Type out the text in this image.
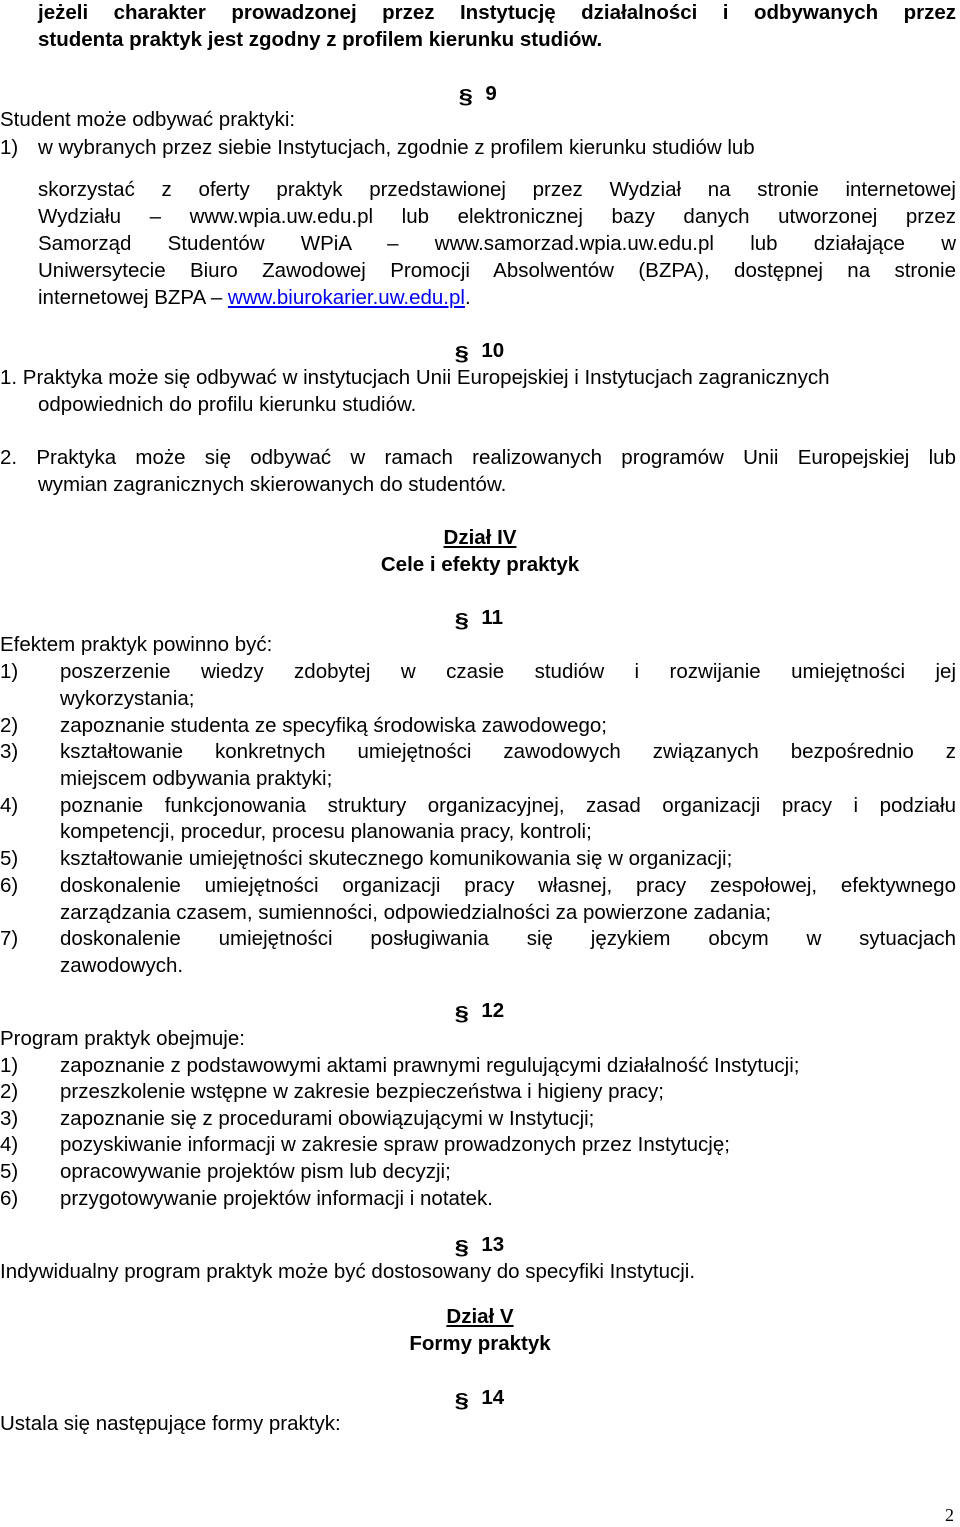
jeżeli charakter prowadzonej przez Instytucję działalności i odbywanych przez
studenta praktyk jest zgodny z profilem kierunku studiów.
§ 9
Student może odbywać praktyki:
1) w wybranych przez siebie Instytucjach, zgodnie z profilem kierunku studiów lub
skorzystać z oferty praktyk przedstawionej przez Wydział na stronie internetowej
Wydziału – www.wpia.uw.edu.pl lub elektronicznej bazy danych utworzonej przez
Samorząd Studentów WPiA – www.samorzad.wpia.uw.edu.pl lub działające w
Uniwersytecie Biuro Zawodowej Promocji Absolwentów (BZPA), dostępnej na stronie
internetowej BZPA – www.biurokarier.uw.edu.pl.
§ 10
1. Praktyka może się odbywać w instytucjach Unii Europejskiej i Instytucjach zagranicznych
odpowiednich do profilu kierunku studiów.
2. Praktyka może się odbywać w ramach realizowanych programów Unii Europejskiej lub
wymian zagranicznych skierowanych do studentów.
Dział IV
Cele i efekty praktyk
§ 11
Efektem praktyk powinno być:
1) poszerzenie wiedzy zdobytej w czasie studiów i rozwijanie umiejętności jej
wykorzystania;
2) zapoznanie studenta ze specyfiką środowiska zawodowego;
3) kształtowanie konkretnych umiejętności zawodowych związanych bezpośrednio z
miejscem odbywania praktyki;
4) poznanie funkcjonowania struktury organizacyjnej, zasad organizacji pracy i podziału
kompetencji, procedur, procesu planowania pracy, kontroli;
5) kształtowanie umiejętności skutecznego komunikowania się w organizacji;
6) doskonalenie umiejętności organizacji pracy własnej, pracy zespołowej, efektywnego
zarządzania czasem, sumienności, odpowiedzialności za powierzone zadania;
7) doskonalenie umiejętności posługiwania się językiem obcym w sytuacjach
zawodowych.
§ 12
Program praktyk obejmuje:
1) zapoznanie z podstawowymi aktami prawnymi regulującymi działalność Instytucji;
2) przeszkolenie wstępne w zakresie bezpieczeństwa i higieny pracy;
3) zapoznanie się z procedurami obowiązującymi w Instytucji;
4) pozyskiwanie informacji w zakresie spraw prowadzonych przez Instytucję;
5) opracowywanie projektów pism lub decyzji;
6) przygotowywanie projektów informacji i notatek.
§ 13
Indywidualny program praktyk może być dostosowany do specyfiki Instytucji.
Dział V
Formy praktyk
§ 14
Ustala się następujące formy praktyk:
2
